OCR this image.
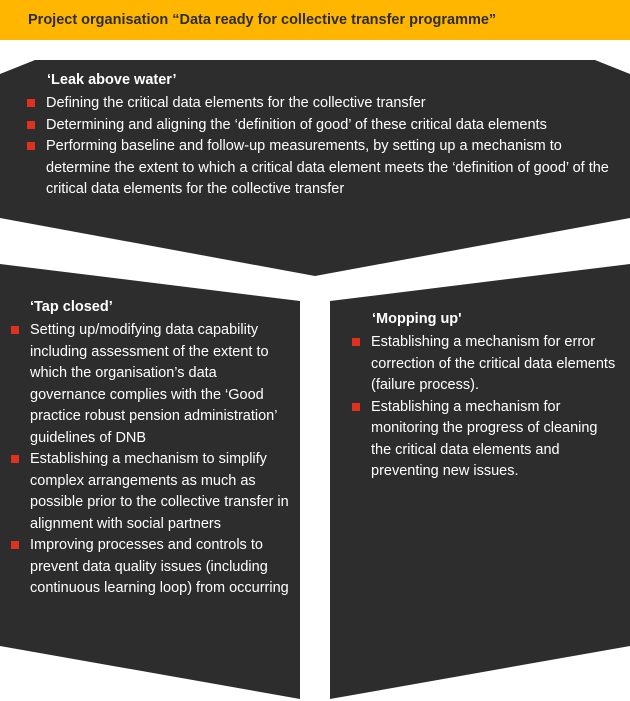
Project organisation “Data ready for collective transfer programme”
‘Leak above water’
Defining the critical data elements for the collective transfer
Determining and aligning the ‘definition of good’ of these critical data elements
Performing baseline and follow-up measurements, by setting up a mechanism to determine the extent to which a critical data element meets the ‘definition of good’ of the critical data elements for the collective transfer
‘Tap closed’
Setting up/modifying data capability including assessment of the extent to which the organisation’s data governance complies with the ‘Good practice robust pension administration’ guidelines of DNB
Establishing a mechanism to simplify complex arrangements as much as possible prior to the collective transfer in alignment with social partners
Improving processes and controls to prevent data quality issues (including continuous learning loop) from occurring
‘Mopping up'
Establishing a mechanism for error correction of the critical data elements (failure process).
Establishing a mechanism for monitoring the progress of cleaning the critical data elements and preventing new issues.
